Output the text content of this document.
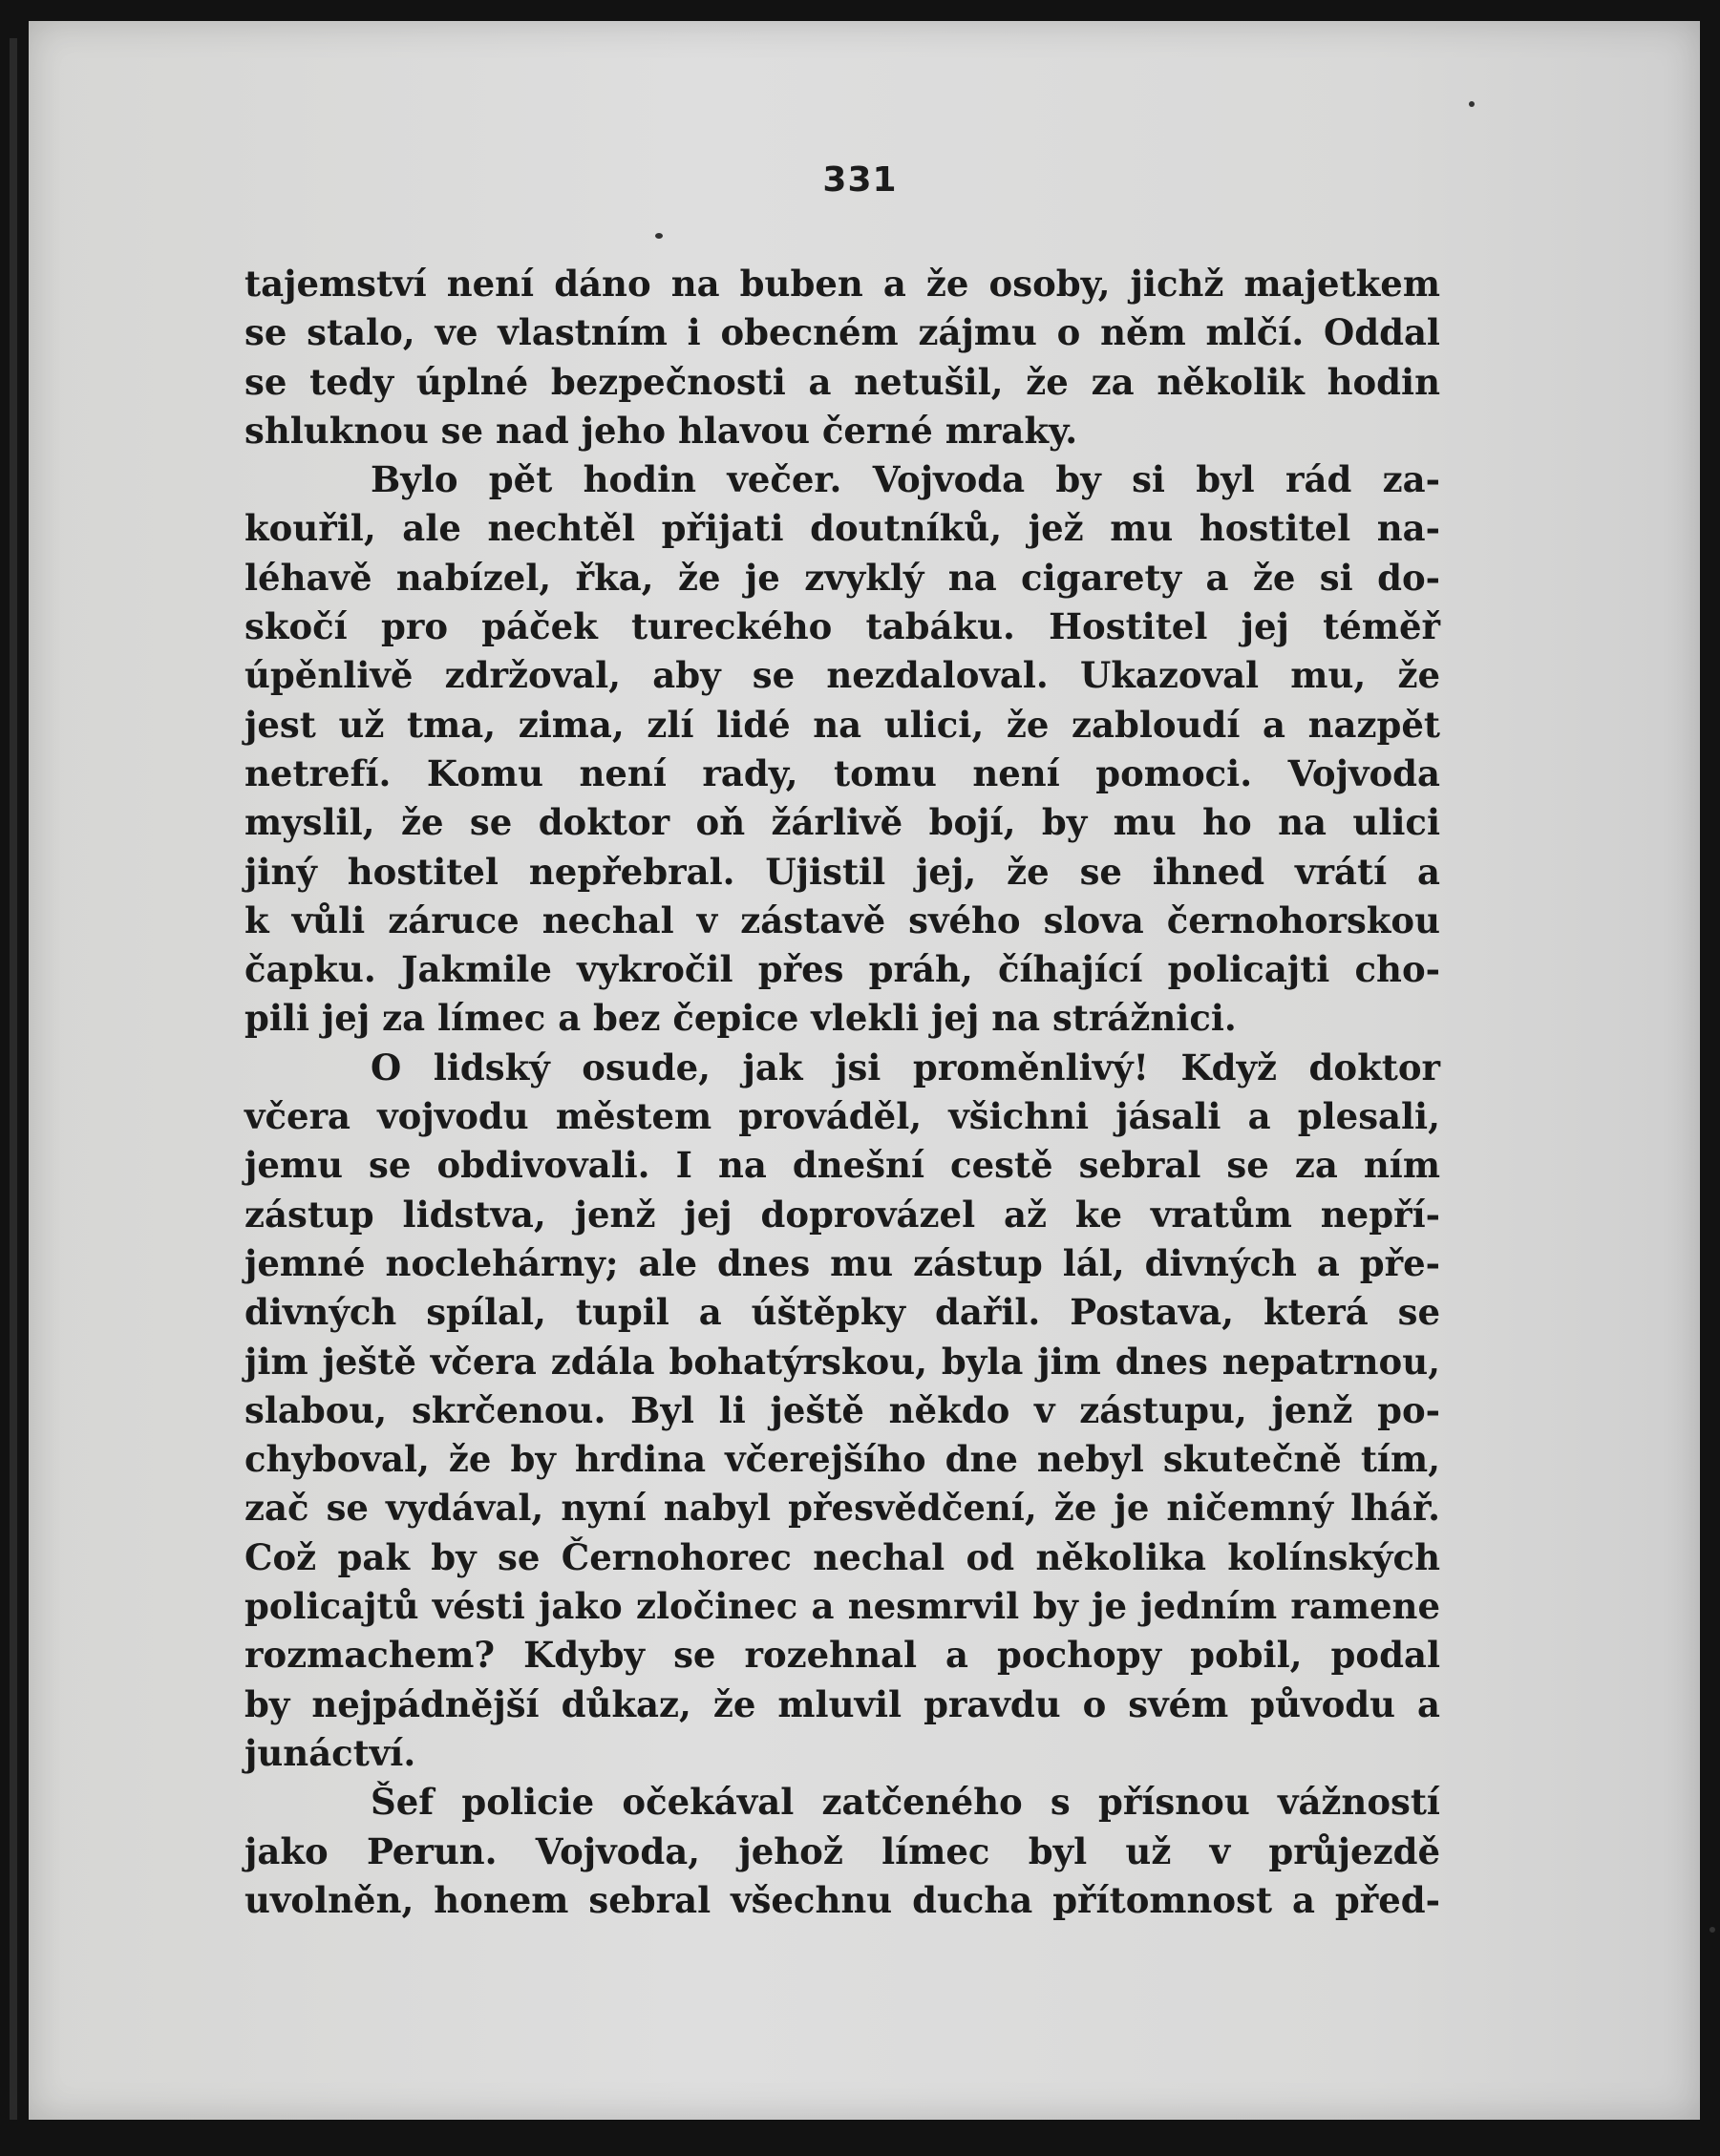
331
tajemství není dáno na buben a že osoby, jichž majetkem
se stalo, ve vlastním i obecném zájmu o něm mlčí. Oddal
se tedy úplné bezpečnosti a netušil, že za několik hodin
shluknou se nad jeho hlavou černé mraky.
Bylo pět hodin večer. Vojvoda by si byl rád za-
kouřil, ale nechtěl přijati doutníků, jež mu hostitel na-
léhavě nabízel, řka, že je zvyklý na cigarety a že si do-
skočí pro páček tureckého tabáku. Hostitel jej téměř
úpěnlivě zdržoval, aby se nezdaloval. Ukazoval mu, že
jest už tma, zima, zlí lidé na ulici, že zabloudí a nazpět
netrefí. Komu není rady, tomu není pomoci. Vojvoda
myslil, že se doktor oň žárlivě bojí, by mu ho na ulici
jiný hostitel nepřebral. Ujistil jej, že se ihned vrátí a
k vůli záruce nechal v zástavě svého slova černohorskou
čapku. Jakmile vykročil přes práh, číhající policajti cho-
pili jej za límec a bez čepice vlekli jej na strážnici.
O lidský osude, jak jsi proměnlivý! Když doktor
včera vojvodu městem prováděl, všichni jásali a plesali,
jemu se obdivovali. I na dnešní cestě sebral se za ním
zástup lidstva, jenž jej doprovázel až ke vratům nepří-
jemné noclehárny; ale dnes mu zástup lál, divných a pře-
divných spílal, tupil a úštěpky dařil. Postava, která se
jim ještě včera zdála bohatýrskou, byla jim dnes nepatrnou,
slabou, skrčenou. Byl li ještě někdo v zástupu, jenž po-
chyboval, že by hrdina včerejšího dne nebyl skutečně tím,
zač se vydával, nyní nabyl přesvědčení, že je ničemný lhář.
Což pak by se Černohorec nechal od několika kolínských
policajtů vésti jako zločinec a nesmrvil by je jedním ramene
rozmachem? Kdyby se rozehnal a pochopy pobil, podal
by nejpádnější důkaz, že mluvil pravdu o svém původu a
junáctví.
Šef policie očekával zatčeného s přísnou vážností
jako Perun. Vojvoda, jehož límec byl už v průjezdě
uvolněn, honem sebral všechnu ducha přítomnost a před-
